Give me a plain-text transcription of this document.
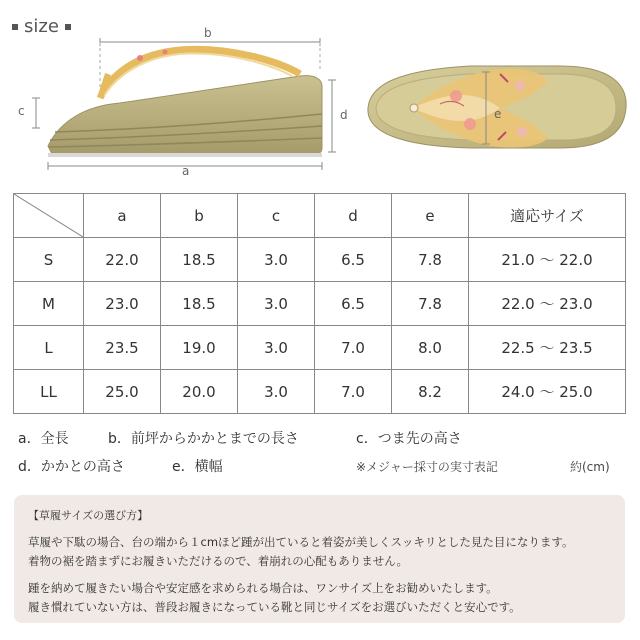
size	b
c	d
a
e
	a	b	c	d	e	適応サイズ
S	22.0	18.5	3.0	6.5	7.8	21.0 ～ 22.0
M	23.0	18.5	3.0	6.5	7.8	22.0 ～ 23.0
L	23.5	19.0	3.0	7.0	8.0	22.5 ～ 23.5
LL	25.0	20.0	3.0	7.0	8.2	24.0 ～ 25.0
a．全長	b．前坪からかかとまでの長さ	c．つま先の高さ
d．かかとの高さ	e．横幅	※メジャー採寸の実寸表記	約(cm)
【草履サイズの選び方】

草履や下駄の場合、台の端から１cmほど踵が出ていると着姿が美しくスッキリとした見た目になります。

着物の裾を踏まずにお履きいただけるので、着崩れの心配もありません。

踵を納めて履きたい場合や安定感を求められる場合は、ワンサイズ上をお勧めいたします。

履き慣れていない方は、普段お履きになっている靴と同じサイズをお選びいただくと安心です。
